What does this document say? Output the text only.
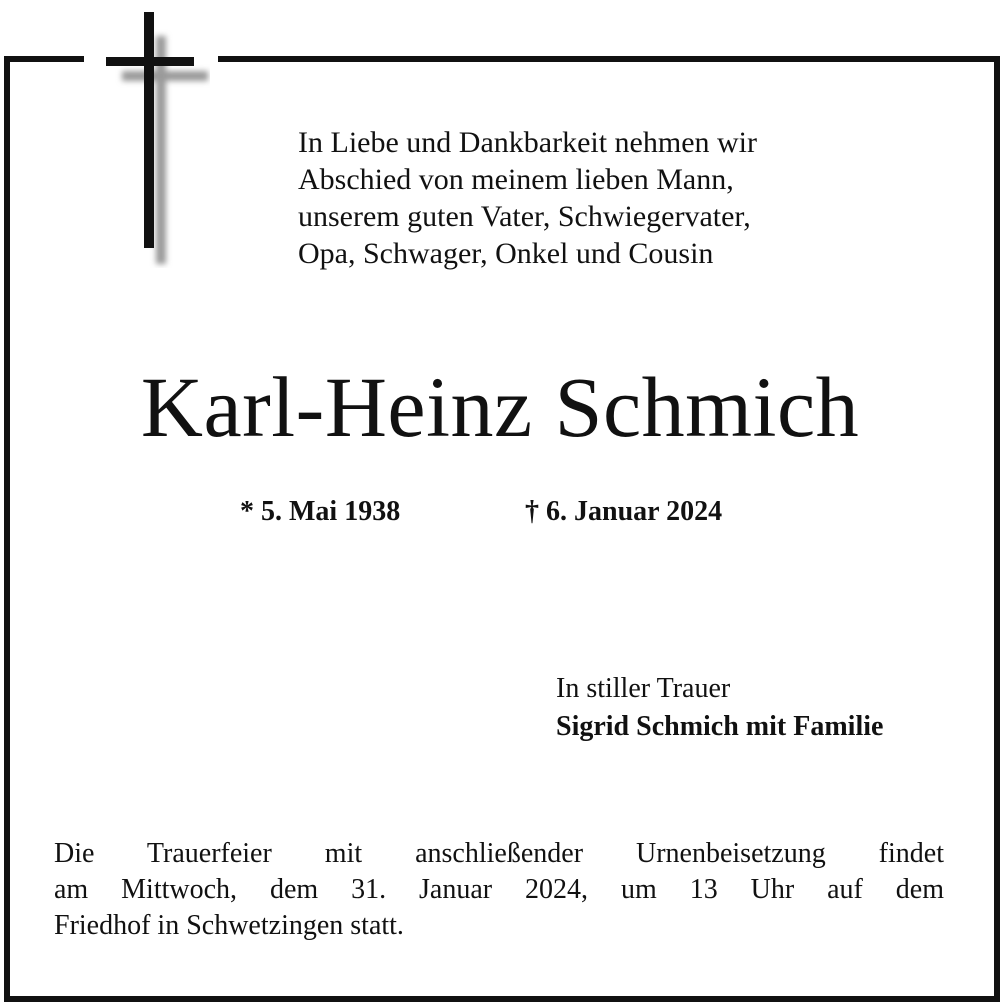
In Liebe und Dankbarkeit nehmen wir
Abschied von meinem lieben Mann,
unserem guten Vater, Schwiegervater,
Opa, Schwager, Onkel und Cousin
Karl-Heinz Schmich
* 5. Mai 1938	† 6. Januar 2024
In stiller Trauer
Sigrid Schmich mit Familie
Die Trauerfeier mit anschließender Urnenbeisetzung findet
am Mittwoch, dem 31. Januar 2024, um 13 Uhr auf dem
Friedhof in Schwetzingen statt.
